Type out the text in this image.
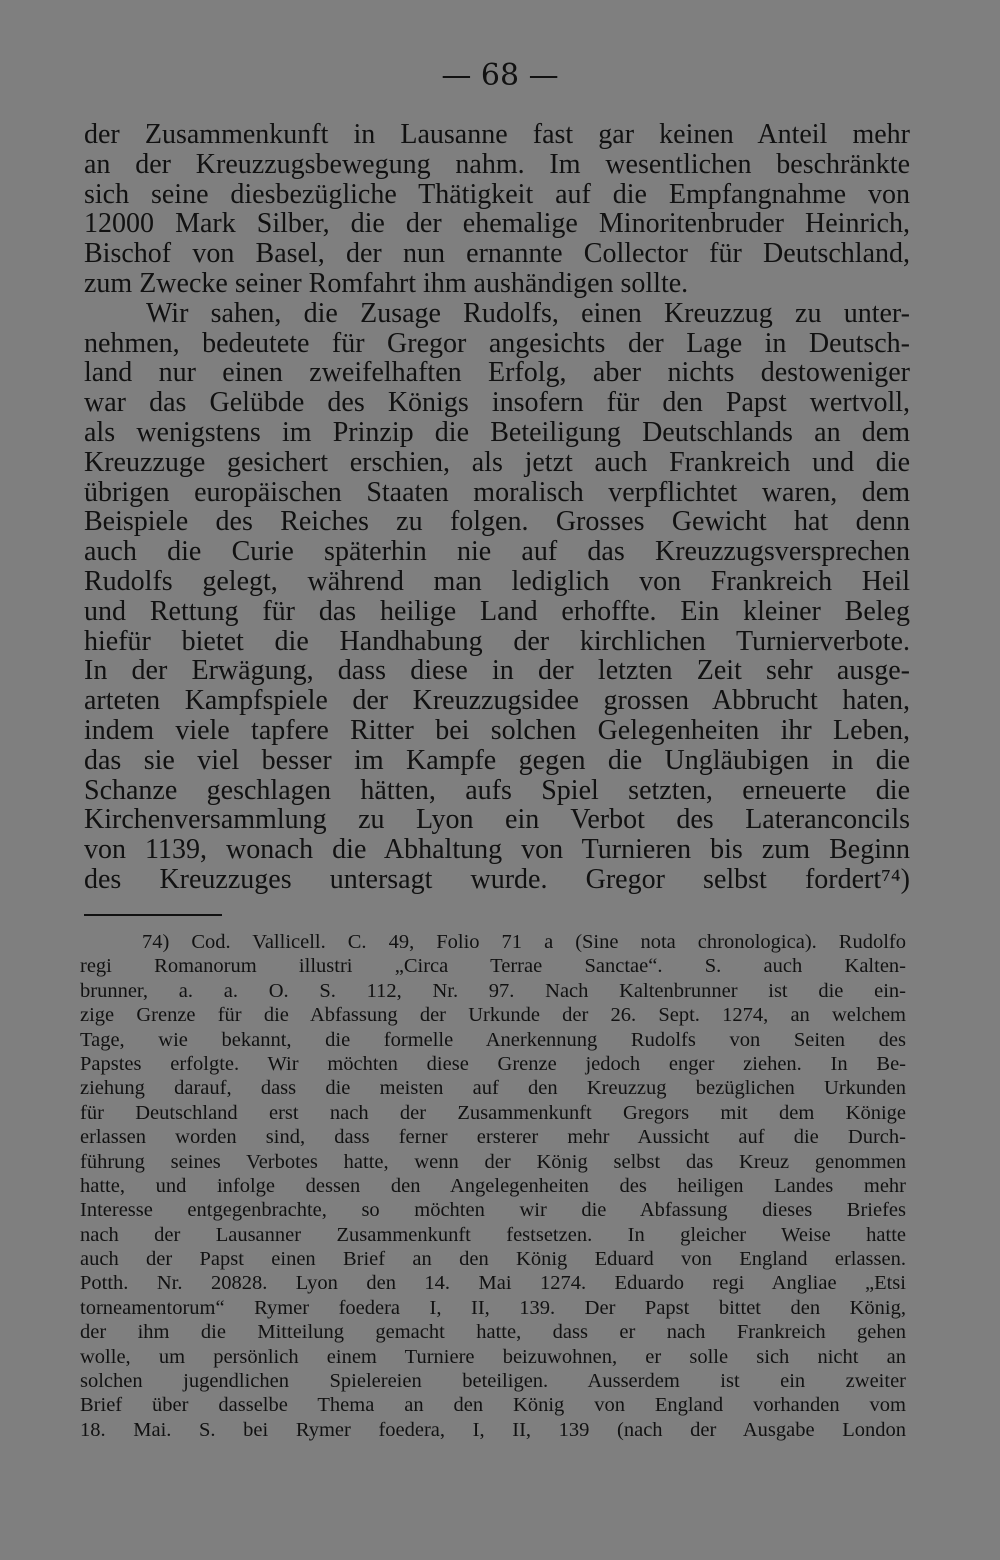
— 68 —
der Zusammenkunft in Lausanne fast gar keinen Anteil mehr
an der Kreuzzugsbewegung nahm. Im wesentlichen beschränkte
sich seine diesbezügliche Thätigkeit auf die Empfangnahme von
12000 Mark Silber, die der ehemalige Minoritenbruder Heinrich,
Bischof von Basel, der nun ernannte Collector für Deutschland,
zum Zwecke seiner Romfahrt ihm aushändigen sollte.
Wir sahen, die Zusage Rudolfs, einen Kreuzzug zu unter-
nehmen, bedeutete für Gregor angesichts der Lage in Deutsch-
land nur einen zweifelhaften Erfolg, aber nichts destoweniger
war das Gelübde des Königs insofern für den Papst wertvoll,
als wenigstens im Prinzip die Beteiligung Deutschlands an dem
Kreuzzuge gesichert erschien, als jetzt auch Frankreich und die
übrigen europäischen Staaten moralisch verpflichtet waren, dem
Beispiele des Reiches zu folgen. Grosses Gewicht hat denn
auch die Curie späterhin nie auf das Kreuzzugsversprechen
Rudolfs gelegt, während man lediglich von Frankreich Heil
und Rettung für das heilige Land erhoffte. Ein kleiner Beleg
hiefür bietet die Handhabung der kirchlichen Turnierverbote.
In der Erwägung, dass diese in der letzten Zeit sehr ausge-
arteten Kampfspiele der Kreuzzugsidee grossen Abbrucht haten,
indem viele tapfere Ritter bei solchen Gelegenheiten ihr Leben,
das sie viel besser im Kampfe gegen die Ungläubigen in die
Schanze geschlagen hätten, aufs Spiel setzten, erneuerte die
Kirchenversammlung zu Lyon ein Verbot des Lateranconcils
von 1139, wonach die Abhaltung von Turnieren bis zum Beginn
des Kreuzzuges untersagt wurde. Gregor selbst fordert⁷⁴)
74) Cod. Vallicell. C. 49, Folio 71 a (Sine nota chronologica). Rudolfo
regi Romanorum illustri „Circa Terrae Sanctae“. S. auch Kalten-
brunner, a. a. O. S. 112, Nr. 97. Nach Kaltenbrunner ist die ein-
zige Grenze für die Abfassung der Urkunde der 26. Sept. 1274, an welchem
Tage, wie bekannt, die formelle Anerkennung Rudolfs von Seiten des
Papstes erfolgte. Wir möchten diese Grenze jedoch enger ziehen. In Be-
ziehung darauf, dass die meisten auf den Kreuzzug bezüglichen Urkunden
für Deutschland erst nach der Zusammenkunft Gregors mit dem Könige
erlassen worden sind, dass ferner ersterer mehr Aussicht auf die Durch-
führung seines Verbotes hatte, wenn der König selbst das Kreuz genommen
hatte, und infolge dessen den Angelegenheiten des heiligen Landes mehr
Interesse entgegenbrachte, so möchten wir die Abfassung dieses Briefes
nach der Lausanner Zusammenkunft festsetzen. In gleicher Weise hatte
auch der Papst einen Brief an den König Eduard von England erlassen.
Potth. Nr. 20828. Lyon den 14. Mai 1274. Eduardo regi Angliae „Etsi
torneamentorum“ Rymer foedera I, II, 139. Der Papst bittet den König,
der ihm die Mitteilung gemacht hatte, dass er nach Frankreich gehen
wolle, um persönlich einem Turniere beizuwohnen, er solle sich nicht an
solchen jugendlichen Spielereien beteiligen. Ausserdem ist ein zweiter
Brief über dasselbe Thema an den König von England vorhanden vom
18. Mai. S. bei Rymer foedera, I, II, 139 (nach der Ausgabe London
